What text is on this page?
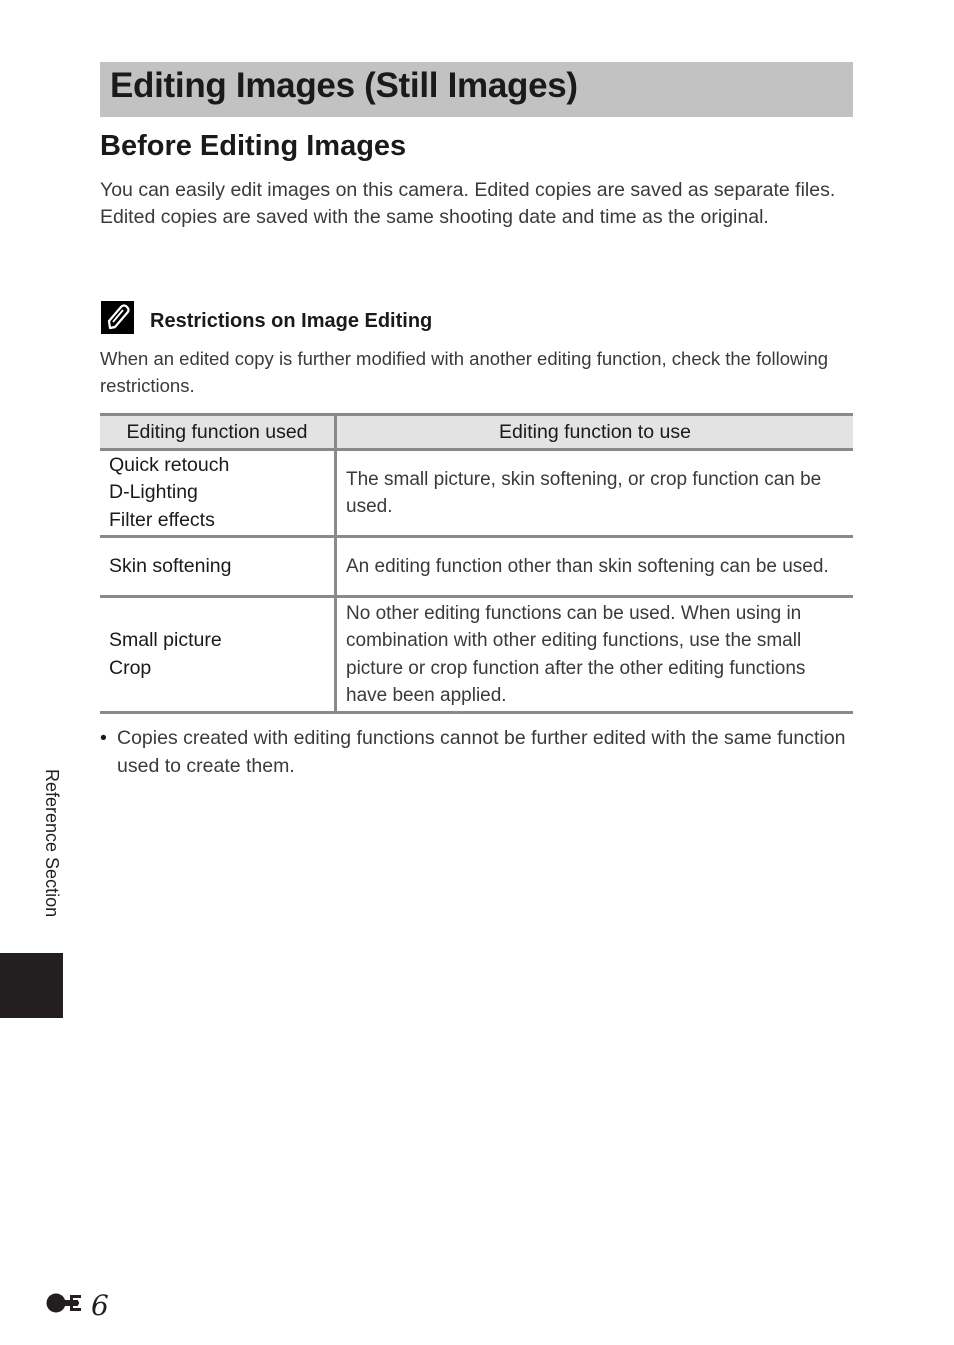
Editing Images (Still Images)
Before Editing Images

You can easily edit images on this camera. Edited copies are saved as separate files. Edited copies are saved with the same shooting date and time as the original.

Restrictions on Image Editing

When an edited copy is further modified with another editing function, check the following restrictions.

Editing function used	Editing function to use

Quick retouch
D-Lighting
Filter effects	The small picture, skin softening, or crop function can be used.

Skin softening	An editing function other than skin softening can be used.

Small picture
Crop	No other editing functions can be used. When using in combination with other editing functions, use the small picture or crop function after the other editing functions have been applied.

• Copies created with editing functions cannot be further edited with the same function used to create them.

Reference Section
6
